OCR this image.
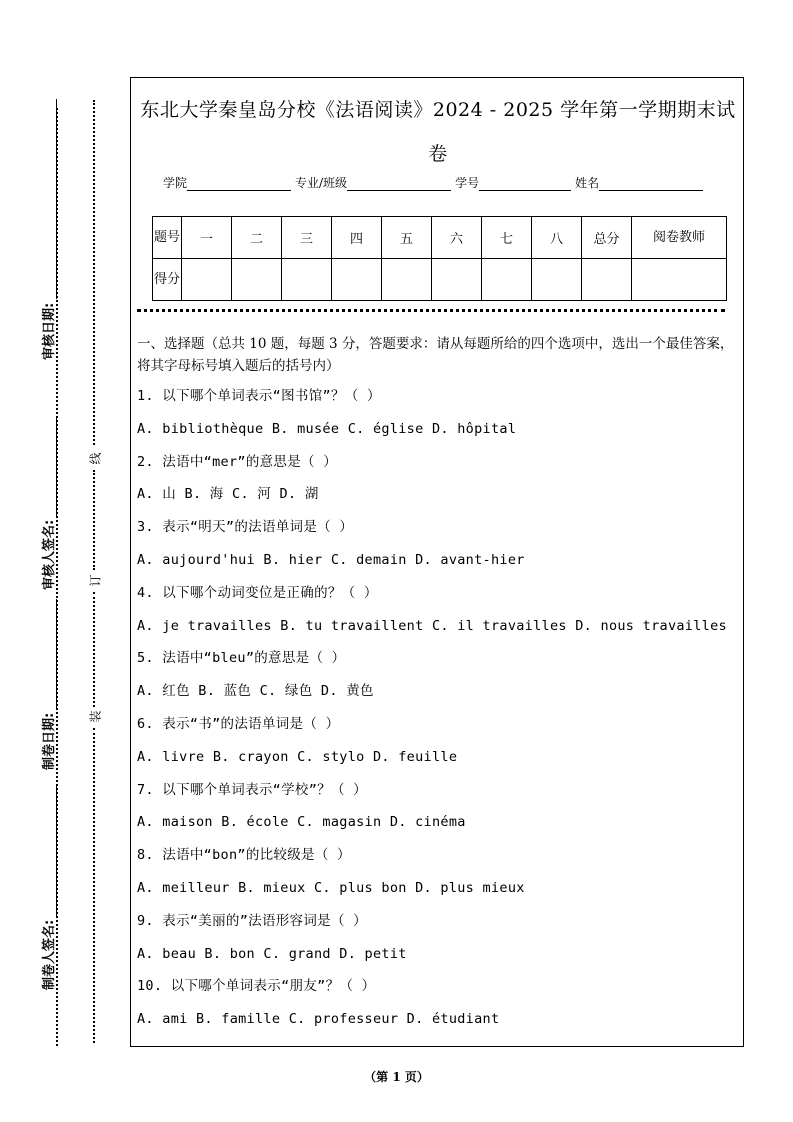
审核日期:
审核人签名:
制卷日期:
制卷人签名:
线
订
装
东北大学秦皇岛分校《法语阅读》2024 - 2025 学年第一学期期末试卷
学院	专业/班级	学号	姓名
题号	一	二	三	四	五	六	七	八	总分	阅卷教师
得分										
一、选择题（总共 10 题，每题 3 分，答题要求：请从每题所给的四个选项中，选出一个最佳答案，将其字母标号填入题后的括号内）
1. 以下哪个单词表示“图书馆”？（ ）
A. bibliothèque B. musée C. église D. hôpital
2. 法语中“mer”的意思是（ ）
A. 山 B. 海 C. 河 D. 湖
3. 表示“明天”的法语单词是（ ）
A. aujourd'hui B. hier C. demain D. avant-hier
4. 以下哪个动词变位是正确的？（ ）
A. je travailles B. tu travaillent C. il travailles D. nous travailles
5. 法语中“bleu”的意思是（ ）
A. 红色 B. 蓝色 C. 绿色 D. 黄色
6. 表示“书”的法语单词是（ ）
A. livre B. crayon C. stylo D. feuille
7. 以下哪个单词表示“学校”？（ ）
A. maison B. école C. magasin D. cinéma
8. 法语中“bon”的比较级是（ ）
A. meilleur B. mieux C. plus bon D. plus mieux
9. 表示“美丽的”法语形容词是（ ）
A. beau B. bon C. grand D. petit
10. 以下哪个单词表示“朋友”？（ ）
A. ami B. famille C. professeur D. étudiant
（第 1 页）
